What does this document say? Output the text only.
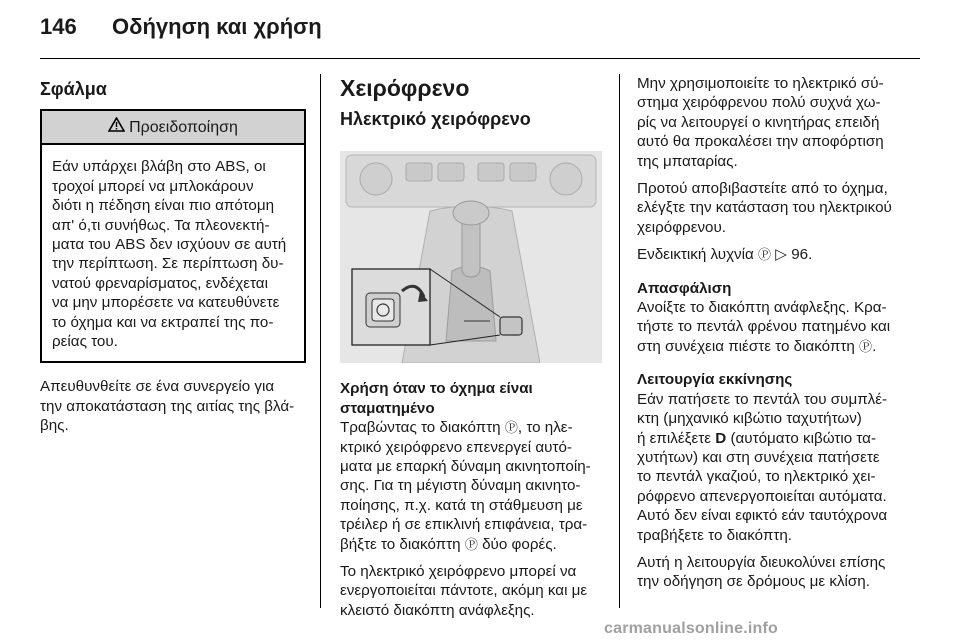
146 Οδήγηση και χρήση
Σφάλμα
Προειδοποίηση
Εάν υπάρχει βλάβη στο ABS, οι
τροχοί μπορεί να μπλοκάρουν
διότι η πέδηση είναι πιο απότομη
απ' ό,τι συνήθως. Τα πλεονεκτή-
ματα του ABS δεν ισχύουν σε αυτή
την περίπτωση. Σε περίπτωση δυ-
νατού φρεναρίσματος, ενδέχεται
να μην μπορέσετε να κατευθύνετε
το όχημα και να εκτραπεί της πο-
ρείας του.

Απευθυνθείτε σε ένα συνεργείο για
την αποκατάσταση της αιτίας της βλά-
βης.

Χειρόφρενο
Ηλεκτρικό χειρόφρενο

Χρήση όταν το όχημα είναι
σταματημένο

Τραβώντας το διακόπτη Ⓟ, το ηλε-
κτρικό χειρόφρενο επενεργεί αυτό-
ματα με επαρκή δύναμη ακινητοποίη-
σης. Για τη μέγιστη δύναμη ακινητο-
ποίησης, π.χ. κατά τη στάθμευση με
τρέιλερ ή σε επικλινή επιφάνεια, τρα-
βήξτε το διακόπτη Ⓟ δύο φορές.

Το ηλεκτρικό χειρόφρενο μπορεί να
ενεργοποιείται πάντοτε, ακόμη και με
κλειστό διακόπτη ανάφλεξης.

Μην χρησιμοποιείτε το ηλεκτρικό σύ-
στημα χειρόφρενου πολύ συχνά χω-
ρίς να λειτουργεί ο κινητήρας επειδή
αυτό θα προκαλέσει την αποφόρτιση
της μπαταρίας.

Προτού αποβιβαστείτε από το όχημα,
ελέγξτε την κατάσταση του ηλεκτρικού
χειρόφρενου.

Ενδεικτική λυχνία Ⓟ ▷ 96.

Απασφάλιση

Ανοίξτε το διακόπτη ανάφλεξης. Κρα-
τήστε το πεντάλ φρένου πατημένο και
στη συνέχεια πιέστε το διακόπτη Ⓟ.

Λειτουργία εκκίνησης

Εάν πατήσετε το πεντάλ του συμπλέ-
κτη (μηχανικό κιβώτιο ταχυτήτων)
ή επιλέξετε D (αυτόματο κιβώτιο τα-
χυτήτων) και στη συνέχεια πατήσετε
το πεντάλ γκαζιού, το ηλεκτρικό χει-
ρόφρενο απενεργοποιείται αυτόματα.
Αυτό δεν είναι εφικτό εάν ταυτόχρονα
τραβήξετε το διακόπτη.

Αυτή η λειτουργία διευκολύνει επίσης
την οδήγηση σε δρόμους με κλίση.

carmanualsonline.info
